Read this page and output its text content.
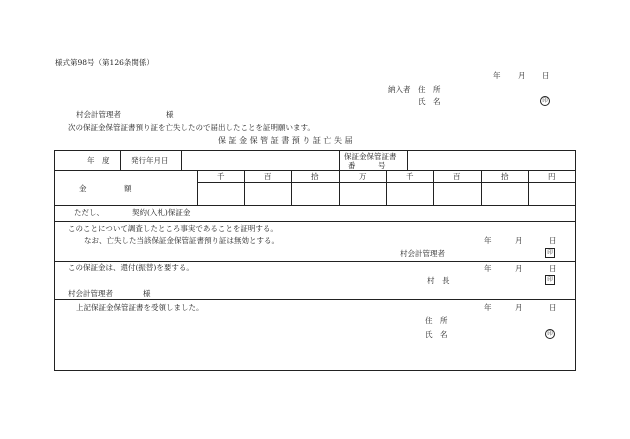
様式第98号（第126条関係）
年 月 日
納入者 住　所
氏　名	印
村会計管理者　　　　　　様
次の保証金保管証書預り証を亡失したので届出したことを証明願います。
保 証 金 保 管 証 書 預 り 証 亡 失 届
年　度	発行年月日	保証金保管証書
番　　　号
金　　　　　額
千	百	拾	万	千	百	拾	円
ただし、	契約(入札)保証金
このことについて調査したところ事実であることを証明する。
なお、亡失した当該保証金保管証書預り証は無効とする。	年	月	日
村会計管理者	印
この保証金は、還付(振替)を要する。	年	月	日
村　長	印
村会計管理者　　　　様
上記保証金保管証書を受領しました。	年	月	日
住　所
氏　名	印
